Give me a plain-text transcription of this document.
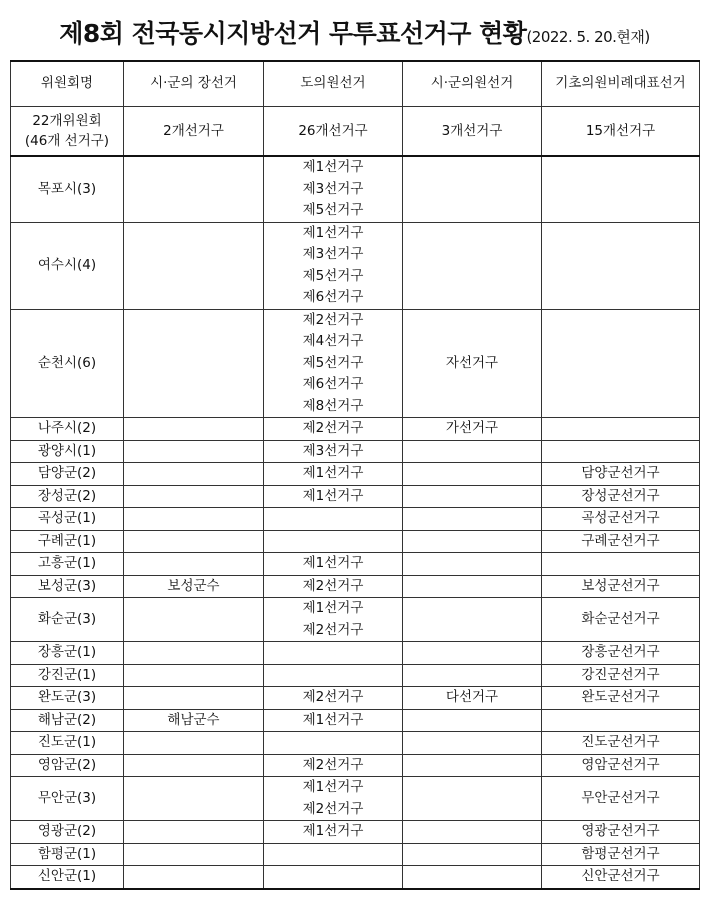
제8회 전국동시지방선거 무투표선거구 현황(2022. 5. 20.현재)
위원회명	시·군의 장선거	도의원선거	시·군의원선거	기초의원비례대표선거

22개위원회
(46개 선거구)	2개선거구	26개선거구	3개선거구	15개선거구
목포시(3)		제1선거구
제3선거구
제5선거구		

여수시(4)		제1선거구
제3선거구
제5선거구
제6선거구		

순천시(6)		제2선거구
제4선거구
제5선거구
제6선거구
제8선거구	자선거구	
나주시(2)		제2선거구	가선거구	
광양시(1)		제3선거구		

담양군(2)		제1선거구		담양군선거구
장성군(2)		제1선거구		장성군선거구
곡성군(1)				곡성군선거구
구례군(1)				구례군선거구
고흥군(1)		제1선거구		

보성군(3)	보성군수	제2선거구		보성군선거구
화순군(3)		제1선거구
제2선거구		화순군선거구
장흥군(1)				장흥군선거구
강진군(1)				강진군선거구
완도군(3)		제2선거구	다선거구	완도군선거구
해남군(2)	해남군수	제1선거구		

진도군(1)				진도군선거구
영암군(2)		제2선거구		영암군선거구
무안군(3)		제1선거구
제2선거구		무안군선거구
영광군(2)		제1선거구		영광군선거구
함평군(1)				함평군선거구
신안군(1)				신안군선거구
